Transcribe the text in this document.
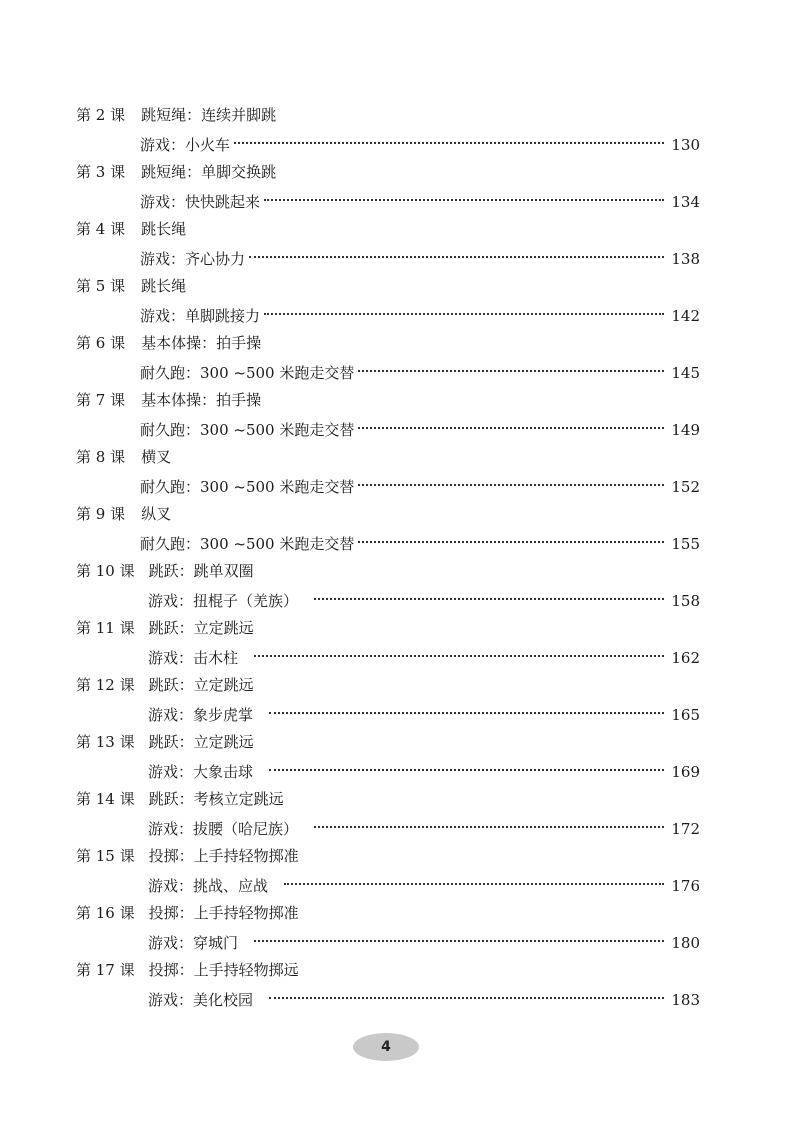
第 2 课 跳短绳：连续并脚跳
游戏：小火车	130
第 3 课 跳短绳：单脚交换跳
游戏：快快跳起来	134
第 4 课 跳长绳
游戏：齐心协力	138
第 5 课 跳长绳
游戏：单脚跳接力	142
第 6 课 基本体操：拍手操
耐久跑：300 ~500 米跑走交替	145
第 7 课 基本体操：拍手操
耐久跑：300 ~500 米跑走交替	149
第 8 课 横叉
耐久跑：300 ~500 米跑走交替	152
第 9 课 纵叉
耐久跑：300 ~500 米跑走交替	155
第 10 课 跳跃：跳单双圈
游戏：扭棍子（羌族）	158
第 11 课 跳跃：立定跳远
游戏：击木柱	162
第 12 课 跳跃：立定跳远
游戏：象步虎掌	165
第 13 课 跳跃：立定跳远
游戏：大象击球	169
第 14 课 跳跃：考核立定跳远
游戏：拔腰（哈尼族）	172
第 15 课 投掷：上手持轻物掷准
游戏：挑战、应战	176
第 16 课 投掷：上手持轻物掷准
游戏：穿城门	180
第 17 课 投掷：上手持轻物掷远
游戏：美化校园	183
4
